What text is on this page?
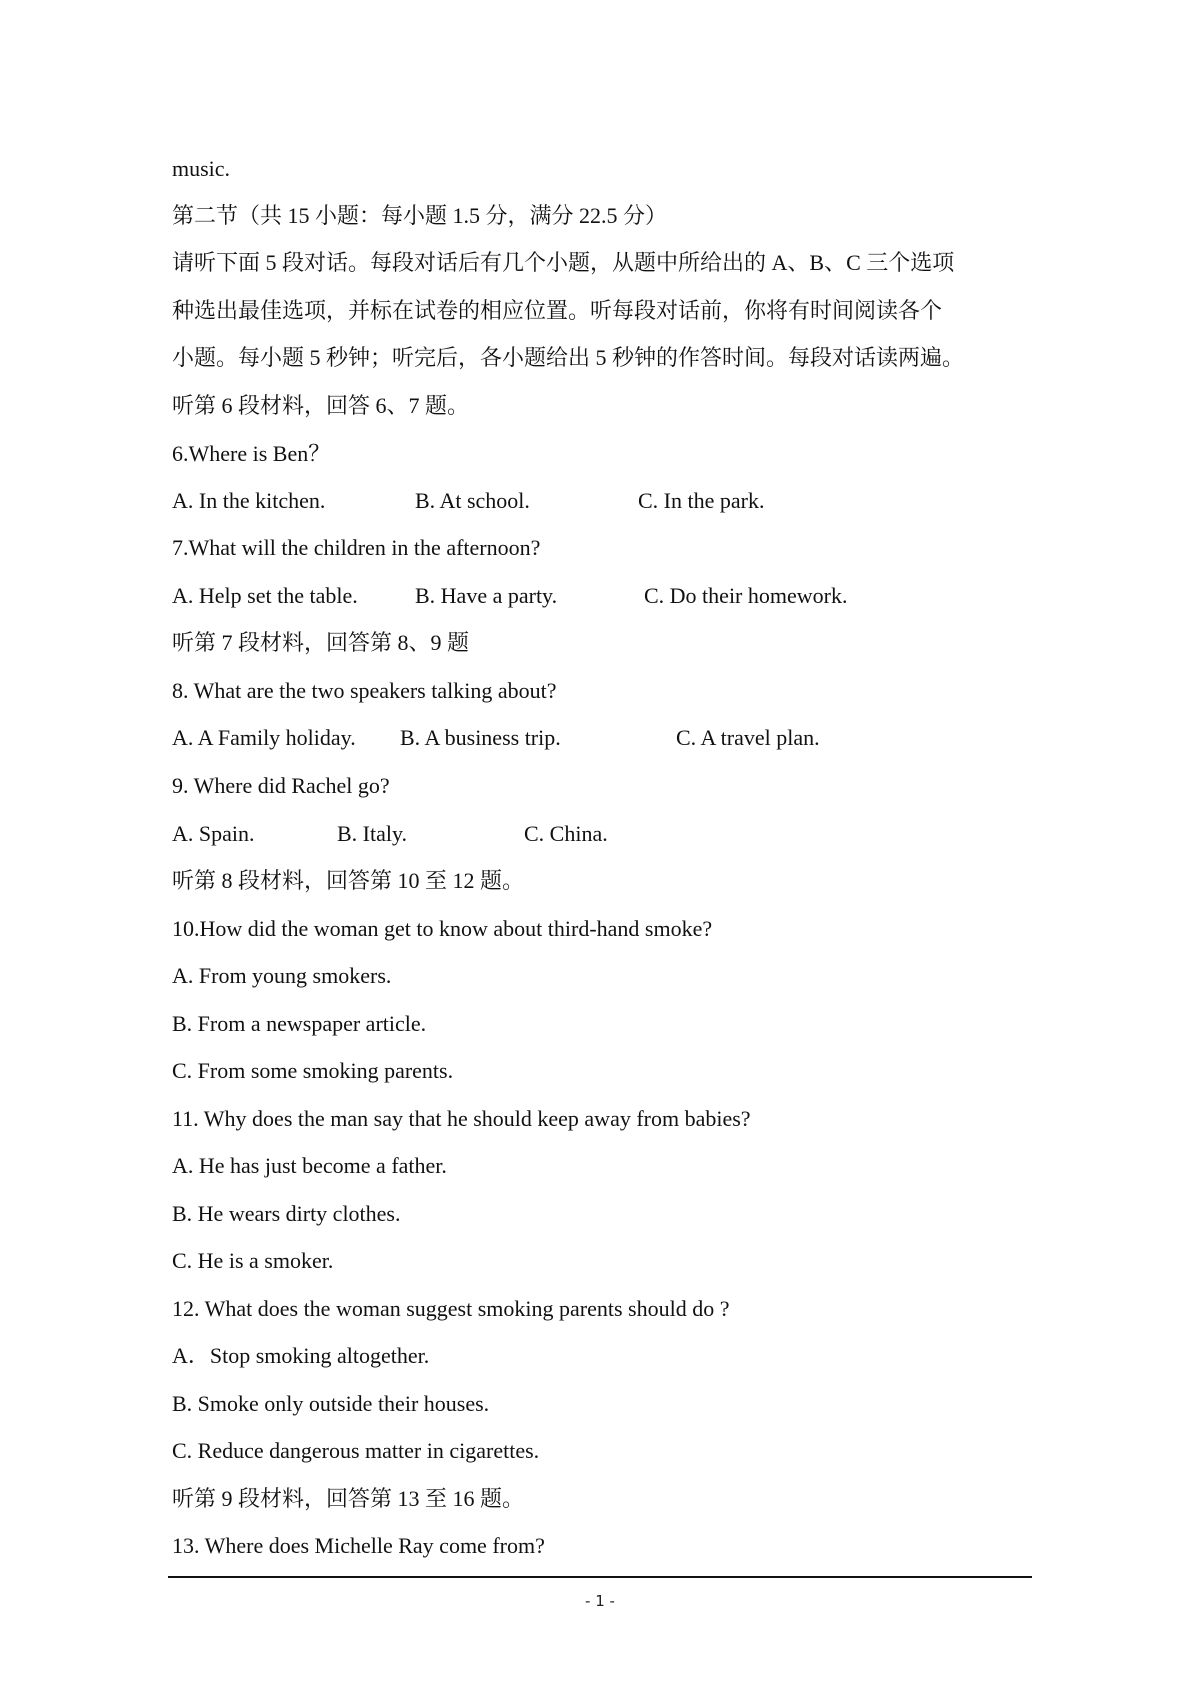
music.
第二节（共 15 小题：每小题 1.5 分，满分 22.5 分）
请听下面 5 段对话。每段对话后有几个小题，从题中所给出的 A、B、C 三个选项
种选出最佳选项，并标在试卷的相应位置。听每段对话前，你将有时间阅读各个
小题。每小题 5 秒钟；听完后，各小题给出 5 秒钟的作答时间。每段对话读两遍。
听第 6 段材料，回答 6、7 题。
6.Where is Ben？
A. In the kitchen.	B. At school.	C. In the park.
7.What will the children in the afternoon?
A. Help set the table.	B. Have a party.	C. Do their homework.
听第 7 段材料，回答第 8、9 题
8. What are the two speakers talking about?
A. A Family holiday. B. A business trip.	C. A travel plan.
9. Where did Rachel go?
A. Spain.	B. Italy.	C. China.
听第 8 段材料，回答第 10 至 12 题。
10.How did the woman get to know about third-hand smoke?
A. From young smokers.
B. From a newspaper article.
C. From some smoking parents.
11. Why does the man say that he should keep away from babies?
A. He has just become a father.
B. He wears dirty clothes.
C. He is a smoker.
12. What does the woman suggest smoking parents should do ?
A．Stop smoking altogether.
B. Smoke only outside their houses.
C. Reduce dangerous matter in cigarettes.
听第 9 段材料，回答第 13 至 16 题。
13. Where does Michelle Ray come from?
- 1 -
